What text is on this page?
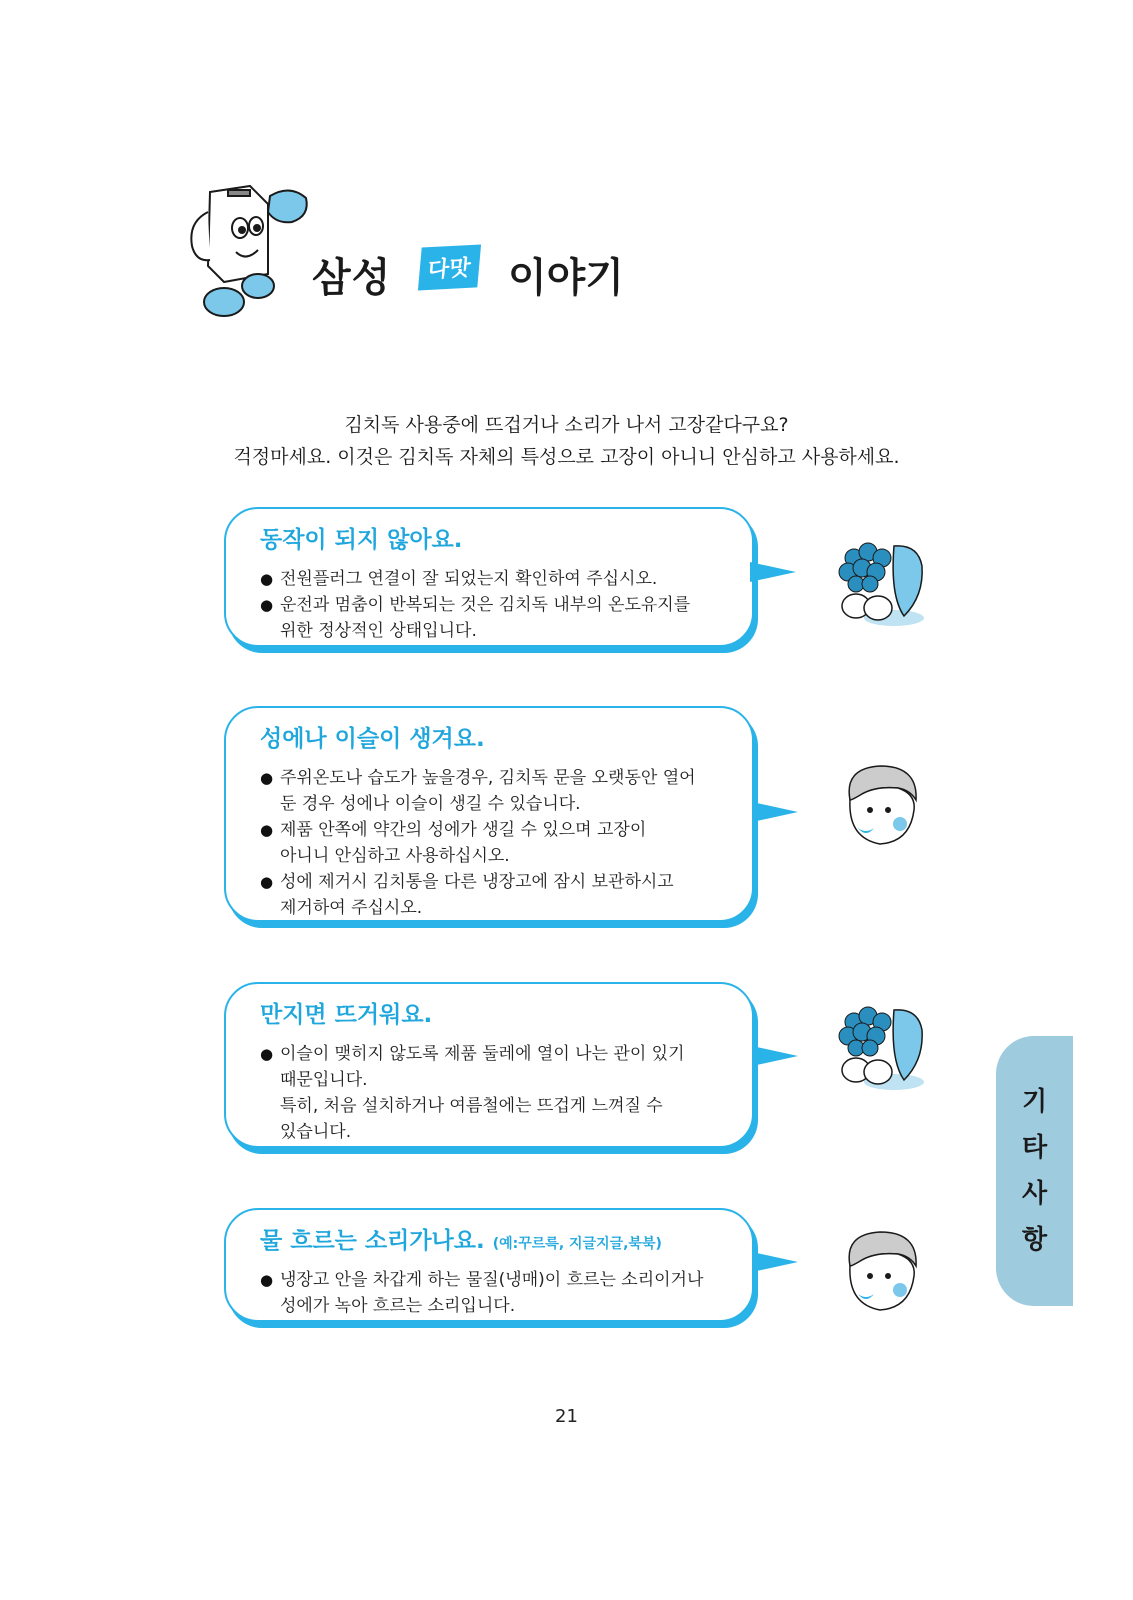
삼성 다맛 이야기
김치독 사용중에 뜨겁거나 소리가 나서 고장같다구요?
걱정마세요. 이것은 김치독 자체의 특성으로 고장이 아니니 안심하고 사용하세요.
동작이 되지 않아요.
● 전원플러그 연결이 잘 되었는지 확인하여 주십시오.
● 운전과 멈춤이 반복되는 것은 김치독 내부의 온도유지를
위한 정상적인 상태입니다.
성에나 이슬이 생겨요.
● 주위온도나 습도가 높을경우, 김치독 문을 오랫동안 열어
둔 경우 성에나 이슬이 생길 수 있습니다.
● 제품 안쪽에 약간의 성에가 생길 수 있으며 고장이
아니니 안심하고 사용하십시오.
● 성에 제거시 김치통을 다른 냉장고에 잠시 보관하시고
제거하여 주십시오.
만지면 뜨거워요.
● 이슬이 맺히지 않도록 제품 둘레에 열이 나는 관이 있기
때문입니다.
특히, 처음 설치하거나 여름철에는 뜨겁게 느껴질 수
있습니다.
물 흐르는 소리가나요. (예:꾸르륵, 지글지글,북북)
● 냉장고 안을 차갑게 하는 물질(냉매)이 흐르는 소리이거나
성에가 녹아 흐르는 소리입니다.
기
타
사
항
21
